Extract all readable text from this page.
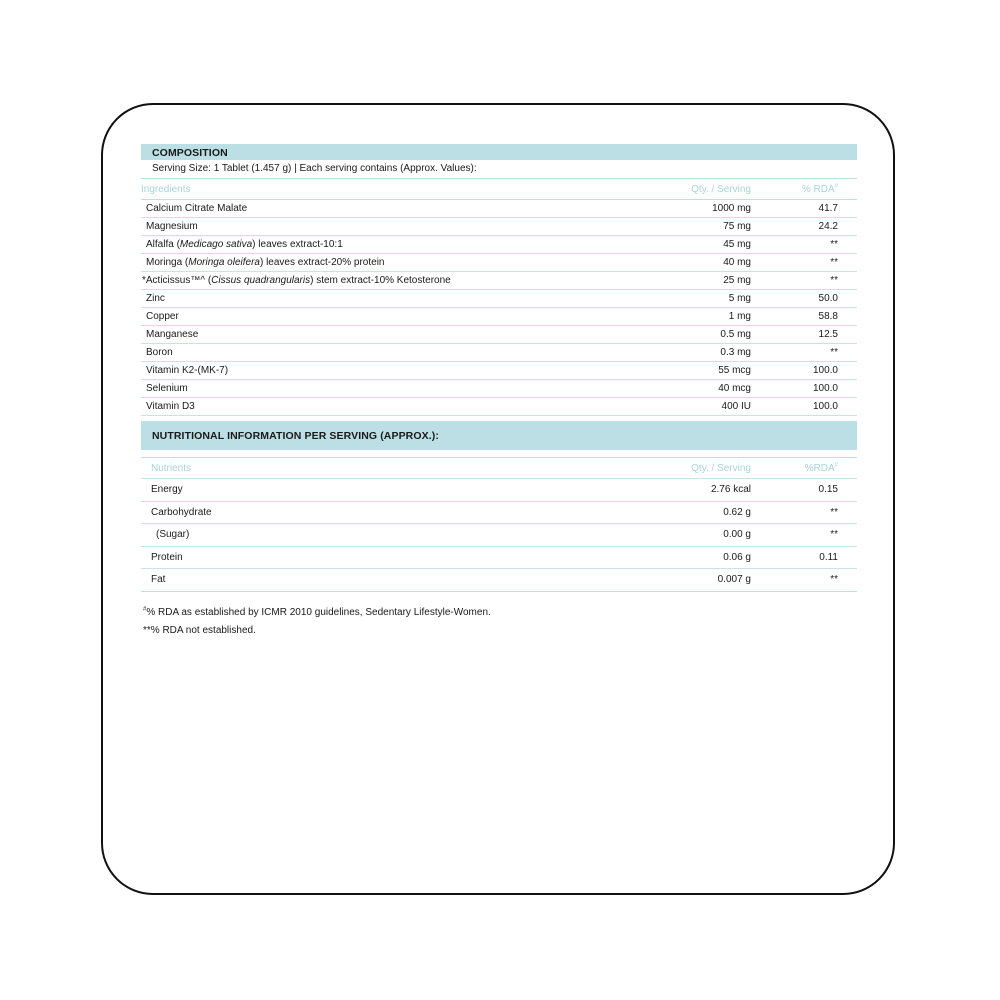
COMPOSITION
Serving Size: 1 Tablet (1.457 g) | Each serving contains (Approx. Values):
Ingredients	Qty. / Serving	% RDA#
Calcium Citrate Malate	1000 mg	41.7
Magnesium	75 mg	24.2
Alfalfa (Medicago sativa) leaves extract-10:1	45 mg	**
Moringa (Moringa oleifera) leaves extract-20% protein	40 mg	**
*Acticissus™^ (Cissus quadrangularis) stem extract-10% Ketosterone	25 mg	**
Zinc	5 mg	50.0
Copper	1 mg	58.8
Manganese	0.5 mg	12.5
Boron	0.3 mg	**
Vitamin K2-(MK-7)	55 mcg	100.0
Selenium	40 mcg	100.0
Vitamin D3	400 IU	100.0
NUTRITIONAL INFORMATION PER SERVING (APPROX.):
Nutrients	Qty. / Serving	%RDA#
Energy	2.76 kcal	0.15
Carbohydrate	0.62 g	**
(Sugar)	0.00 g	**
Protein	0.06 g	0.11
Fat	0.007 g	**
#% RDA as established by ICMR 2010 guidelines, Sedentary Lifestyle-Women.
**% RDA not established.
